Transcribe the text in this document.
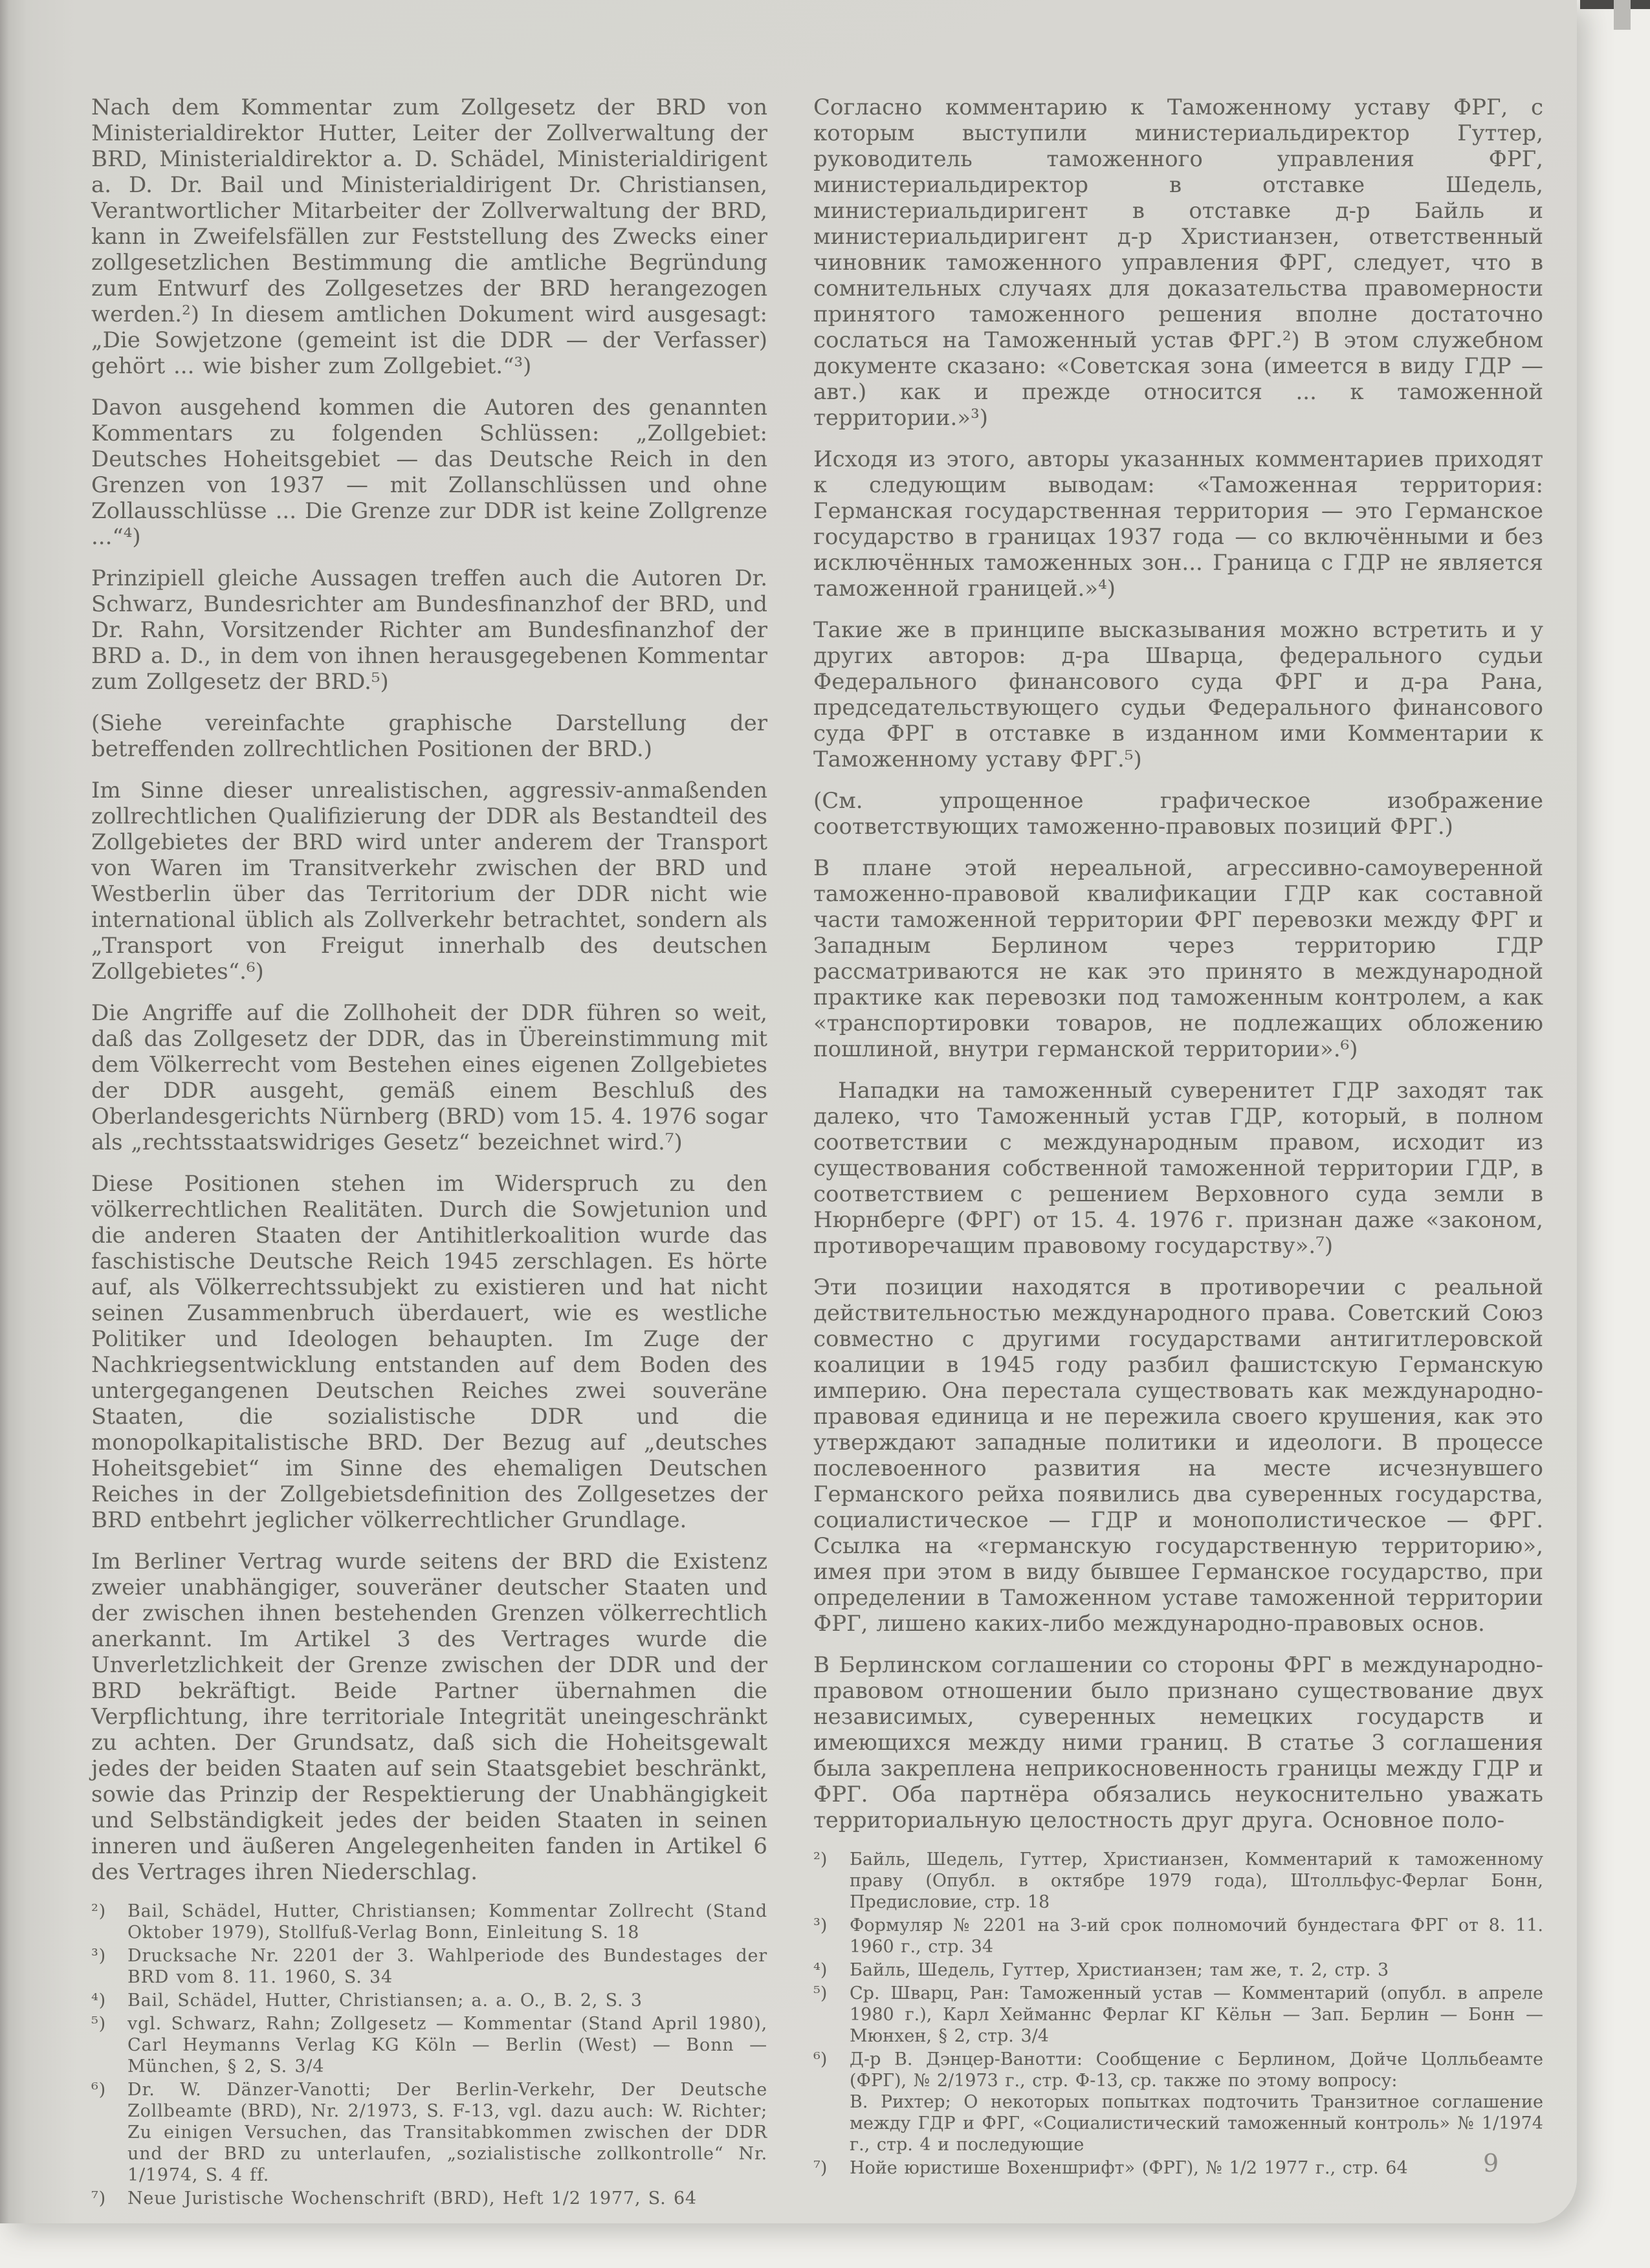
Nach dem Kommentar zum Zollgesetz der BRD von Ministerialdirektor Hutter, Leiter der Zollverwaltung der BRD, Ministerialdirektor a. D. Schädel, Ministerialdirigent a. D. Dr. Bail und Ministerialdirigent Dr. Christiansen, Verantwortlicher Mitarbeiter der Zollverwaltung der BRD, kann in Zweifelsfällen zur Feststellung des Zwecks einer zollgesetzlichen Bestimmung die amtliche Begründung zum Entwurf des Zollgesetzes der BRD herangezogen werden.²) In diesem amtlichen Dokument wird ausgesagt: „Die Sowjetzone (gemeint ist die DDR — der Verfasser) gehört ... wie bisher zum Zollgebiet.“³)

Davon ausgehend kommen die Autoren des genannten Kommentars zu folgenden Schlüssen: „Zollgebiet: Deutsches Hoheitsgebiet — das Deutsche Reich in den Grenzen von 1937 — mit Zollanschlüssen und ohne Zollausschlüsse ... Die Grenze zur DDR ist keine Zollgrenze ...“⁴)

Prinzipiell gleiche Aussagen treffen auch die Autoren Dr. Schwarz, Bundesrichter am Bundesfinanzhof der BRD, und Dr. Rahn, Vorsitzender Richter am Bundesfinanzhof der BRD a. D., in dem von ihnen herausgegebenen Kommentar zum Zollgesetz der BRD.⁵)

(Siehe vereinfachte graphische Darstellung der betreffenden zollrechtlichen Positionen der BRD.)

Im Sinne dieser unrealistischen, aggressiv-anmaßenden zollrechtlichen Qualifizierung der DDR als Bestandteil des Zollgebietes der BRD wird unter anderem der Transport von Waren im Transitverkehr zwischen der BRD und Westberlin über das Territorium der DDR nicht wie international üblich als Zollverkehr betrachtet, sondern als „Transport von Freigut innerhalb des deutschen Zollgebietes“.⁶)

Die Angriffe auf die Zollhoheit der DDR führen so weit, daß das Zollgesetz der DDR, das in Übereinstimmung mit dem Völkerrecht vom Bestehen eines eigenen Zollgebietes der DDR ausgeht, gemäß einem Beschluß des Oberlandesgerichts Nürnberg (BRD) vom 15. 4. 1976 sogar als „rechtsstaatswidriges Gesetz“ bezeichnet wird.⁷)

Diese Positionen stehen im Widerspruch zu den völkerrechtlichen Realitäten. Durch die Sowjetunion und die anderen Staaten der Antihitlerkoalition wurde das faschistische Deutsche Reich 1945 zerschlagen. Es hörte auf, als Völkerrechtssubjekt zu existieren und hat nicht seinen Zusammenbruch überdauert, wie es westliche Politiker und Ideologen behaupten. Im Zuge der Nachkriegsentwicklung entstanden auf dem Boden des untergegangenen Deutschen Reiches zwei souveräne Staaten, die sozialistische DDR und die monopolkapitalistische BRD. Der Bezug auf „deutsches Hoheitsgebiet“ im Sinne des ehemaligen Deutschen Reiches in der Zollgebietsdefinition des Zollgesetzes der BRD entbehrt jeglicher völkerrechtlicher Grundlage.

Im Berliner Vertrag wurde seitens der BRD die Existenz zweier unabhängiger, souveräner deutscher Staaten und der zwischen ihnen bestehenden Grenzen völkerrechtlich anerkannt. Im Artikel 3 des Vertrages wurde die Unverletzlichkeit der Grenze zwischen der DDR und der BRD bekräftigt. Beide Partner übernahmen die Verpflichtung, ihre territoriale Integrität uneingeschränkt zu achten. Der Grundsatz, daß sich die Hoheitsgewalt jedes der beiden Staaten auf sein Staatsgebiet beschränkt, sowie das Prinzip der Respektierung der Unabhängigkeit und Selbständigkeit jedes der beiden Staaten in seinen inneren und äußeren Angelegenheiten fanden in Artikel 6 des Vertrages ihren Niederschlag.

²)	Bail, Schädel, Hutter, Christiansen; Kommentar Zollrecht (Stand Oktober 1979), Stollfuß-Verlag Bonn, Einleitung S. 18
³)	Drucksache Nr. 2201 der 3. Wahlperiode des Bundestages der BRD vom 8. 11. 1960, S. 34
⁴)	Bail, Schädel, Hutter, Christiansen; a. a. O., B. 2, S. 3
⁵)	vgl. Schwarz, Rahn; Zollgesetz — Kommentar (Stand April 1980), Carl Heymanns Verlag KG Köln — Berlin (West) — Bonn — München, § 2, S. 3/4
⁶)	Dr. W. Dänzer-Vanotti; Der Berlin-Verkehr, Der Deutsche Zollbeamte (BRD), Nr. 2/1973, S. F-13, vgl. dazu auch: W. Richter; Zu einigen Versuchen, das Transitabkommen zwischen der DDR und der BRD zu unterlaufen, „sozialistische zollkontrolle“ Nr. 1/1974, S. 4 ff.
⁷)	Neue Juristische Wochenschrift (BRD), Heft 1/2 1977, S. 64

Согласно комментарию к Таможенному уставу ФРГ, с которым выступили министериальдиректор Гуттер, руководитель таможенного управления ФРГ, министериальдиректор в отставке Шедель, министериальдиригент в отставке д-р Байль и министериальдиригент д-р Христианзен, ответственный чиновник таможенного управления ФРГ, следует, что в сомнительных случаях для доказательства правомерности принятого таможенного решения вполне достаточно сослаться на Таможенный устав ФРГ.²) В этом служебном документе сказано: «Советская зона (имеется в виду ГДР — авт.) как и прежде относится ... к таможенной территории.»³)

Исходя из этого, авторы указанных комментариев приходят к следующим выводам: «Таможенная территория: Германская государственная территория — это Германское государство в границах 1937 года — со включёнными и без исключённых таможенных зон... Граница с ГДР не является таможенной границей.»⁴)

Такие же в принципе высказывания можно встретить и у других авторов: д-ра Шварца, федерального судьи Федерального финансового суда ФРГ и д-ра Рана, председательствующего судьи Федерального финансового суда ФРГ в отставке в изданном ими Комментарии к Таможенному уставу ФРГ.⁵)

(См. упрощенное графическое изображение соответствующих таможенно-правовых позиций ФРГ.)

В плане этой нереальной, агрессивно-самоуверенной таможенно-правовой квалификации ГДР как составной части таможенной территории ФРГ перевозки между ФРГ и Западным Берлином через территорию ГДР рассматриваются не как это принято в международной практике как перевозки под таможенным контролем, а как «транспортировки товаров, не подлежащих обложению пошлиной, внутри германской территории».⁶)

Нападки на таможенный суверенитет ГДР заходят так далеко, что Таможенный устав ГДР, который, в полном соответствии с международным правом, исходит из существования собственной таможенной территории ГДР, в соответствием с решением Верховного суда земли в Нюрнберге (ФРГ) от 15. 4. 1976 г. признан даже «законом, противоречащим правовому государству».⁷)

Эти позиции находятся в противоречии с реальной действительностью международного права. Советский Союз совместно с другими государствами антигитлеровской коалиции в 1945 году разбил фашистскую Германскую империю. Она перестала существовать как международно-правовая единица и не пережила своего крушения, как это утверждают западные политики и идеологи. В процессе послевоенного развития на месте исчезнувшего Германского рейха появились два суверенных государства, социалистическое — ГДР и монополистическое — ФРГ. Ссылка на «германскую государственную территорию», имея при этом в виду бывшее Германское государство, при определении в Таможенном уставе таможенной территории ФРГ, лишено каких-либо международно-правовых основ.

В Берлинском соглашении со стороны ФРГ в международно-правовом отношении было признано существование двух независимых, суверенных немецких государств и имеющихся между ними границ. В статье 3 соглашения была закреплена неприкосновенность границы между ГДР и ФРГ. Оба партнёра обязались неукоснительно уважать территориальную целостность друг друга. Основное поло-

²)	Байль, Шедель, Гуттер, Христианзен, Комментарий к таможенному праву (Опубл. в октябре 1979 года), Штолльфус-Ферлаг Бонн, Предисловие, стр. 18
³)	Формуляр № 2201 на 3-ий срок полномочий бундестага ФРГ от 8. 11. 1960 г., стр. 34
⁴)	Байль, Шедель, Гуттер, Христианзен; там же, т. 2, стр. 3
⁵)	Ср. Шварц, Ран: Таможенный устав — Комментарий (опубл. в апреле 1980 г.), Карл Хейманнс Ферлаг КГ Кёльн — Зап. Берлин — Бонн — Мюнхен, § 2, стр. 3/4
⁶)	Д-р В. Дэнцер-Ванотти: Сообщение с Берлином, Дойче Цолльбеамте (ФРГ), № 2/1973 г., стр. Ф-13, ср. также по этому вопросу:
В. Рихтер; О некоторых попытках подточить Транзитное соглашение между ГДР и ФРГ, «Социалистический таможенный контроль» № 1/1974 г., стр. 4 и последующие
⁷)	Нойе юристише Вохеншрифт» (ФРГ), № 1/2 1977 г., стр. 64	9
